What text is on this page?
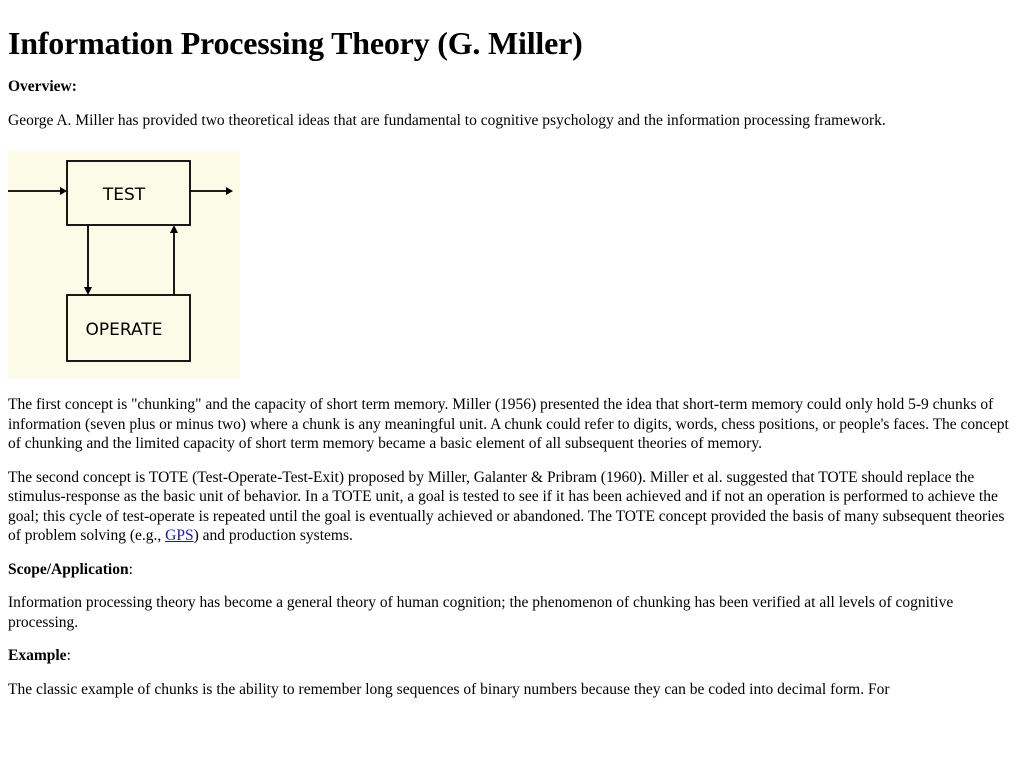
Information Processing Theory (G. Miller)

Overview:

George A. Miller has provided two theoretical ideas that are fundamental to cognitive psychology and the information processing framework.

TEST
OPERATE

The first concept is "chunking" and the capacity of short term memory. Miller (1956) presented the idea that short-term memory could only hold 5-9 chunks of information (seven plus or minus two) where a chunk is any meaningful unit. A chunk could refer to digits, words, chess positions, or people's faces. The concept of chunking and the limited capacity of short term memory became a basic element of all subsequent theories of memory.

The second concept is TOTE (Test-Operate-Test-Exit) proposed by Miller, Galanter & Pribram (1960). Miller et al. suggested that TOTE should replace the stimulus-response as the basic unit of behavior. In a TOTE unit, a goal is tested to see if it has been achieved and if not an operation is performed to achieve the goal; this cycle of test-operate is repeated until the goal is eventually achieved or abandoned. The TOTE concept provided the basis of many subsequent theories of problem solving (e.g., GPS) and production systems.

Scope/Application:

Information processing theory has become a general theory of human cognition; the phenomenon of chunking has been verified at all levels of cognitive processing.

Example:

The classic example of chunks is the ability to remember long sequences of binary numbers because they can be coded into decimal form. For
